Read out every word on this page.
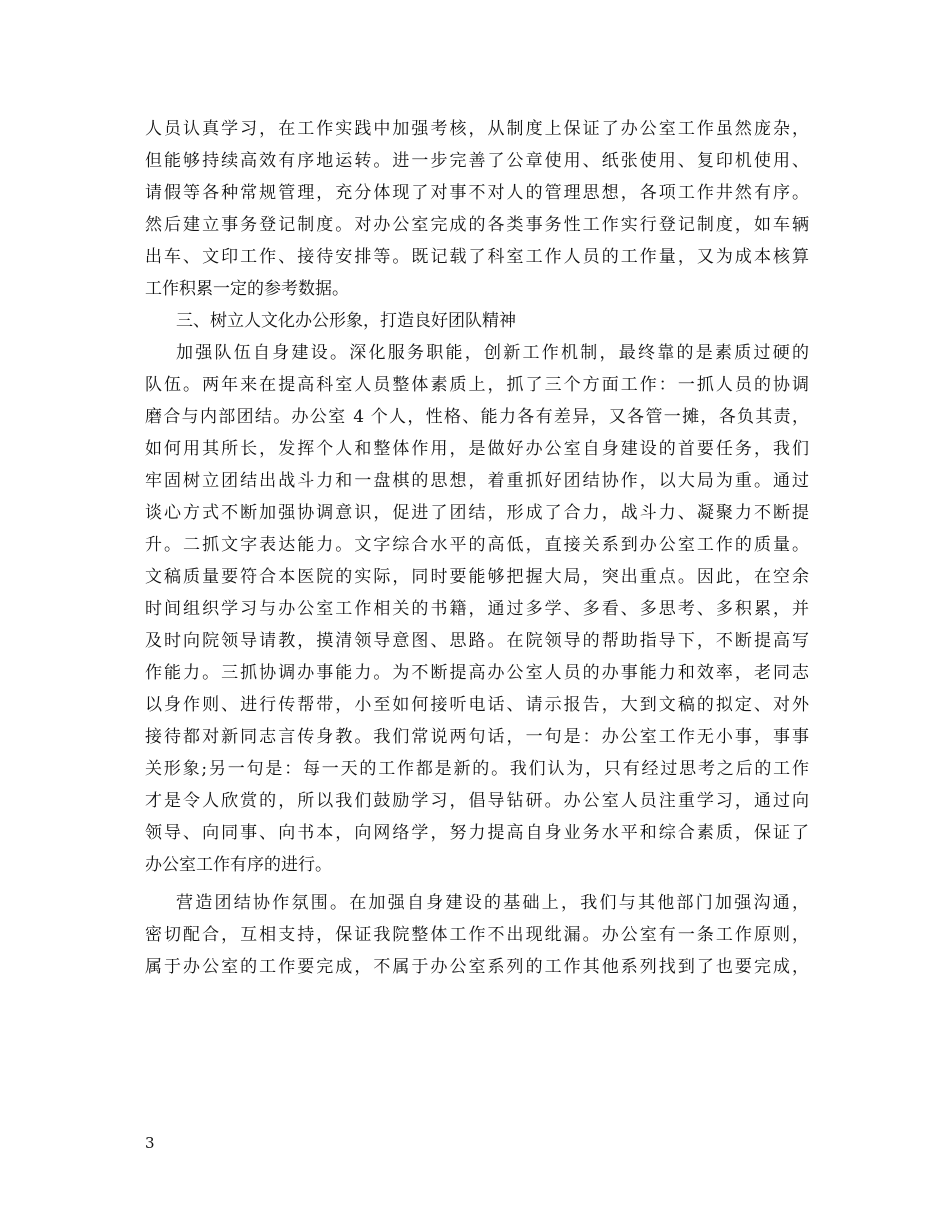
人员认真学习，在工作实践中加强考核，从制度上保证了办公室工作虽然庞杂，
但能够持续高效有序地运转。进一步完善了公章使用、纸张使用、复印机使用、
请假等各种常规管理，充分体现了对事不对人的管理思想，各项工作井然有序。
然后建立事务登记制度。对办公室完成的各类事务性工作实行登记制度，如车辆
出车、文印工作、接待安排等。既记载了科室工作人员的工作量，又为成本核算
工作积累一定的参考数据。
三、树立人文化办公形象，打造良好团队精神
加强队伍自身建设。深化服务职能，创新工作机制，最终靠的是素质过硬的
队伍。两年来在提高科室人员整体素质上，抓了三个方面工作：一抓人员的协调
磨合与内部团结。办公室 4 个人，性格、能力各有差异，又各管一摊，各负其责，
如何用其所长，发挥个人和整体作用，是做好办公室自身建设的首要任务，我们
牢固树立团结出战斗力和一盘棋的思想，着重抓好团结协作，以大局为重。通过
谈心方式不断加强协调意识，促进了团结，形成了合力，战斗力、凝聚力不断提
升。二抓文字表达能力。文字综合水平的高低，直接关系到办公室工作的质量。
文稿质量要符合本医院的实际，同时要能够把握大局，突出重点。因此，在空余
时间组织学习与办公室工作相关的书籍，通过多学、多看、多思考、多积累，并
及时向院领导请教，摸清领导意图、思路。在院领导的帮助指导下，不断提高写
作能力。三抓协调办事能力。为不断提高办公室人员的办事能力和效率，老同志
以身作则、进行传帮带，小至如何接听电话、请示报告，大到文稿的拟定、对外
接待都对新同志言传身教。我们常说两句话，一句是：办公室工作无小事，事事
关形象;另一句是：每一天的工作都是新的。我们认为，只有经过思考之后的工作
才是令人欣赏的，所以我们鼓励学习，倡导钻研。办公室人员注重学习，通过向
领导、向同事、向书本，向网络学，努力提高自身业务水平和综合素质，保证了
办公室工作有序的进行。
营造团结协作氛围。在加强自身建设的基础上，我们与其他部门加强沟通，
密切配合，互相支持，保证我院整体工作不出现纰漏。办公室有一条工作原则，
属于办公室的工作要完成，不属于办公室系列的工作其他系列找到了也要完成，
3
